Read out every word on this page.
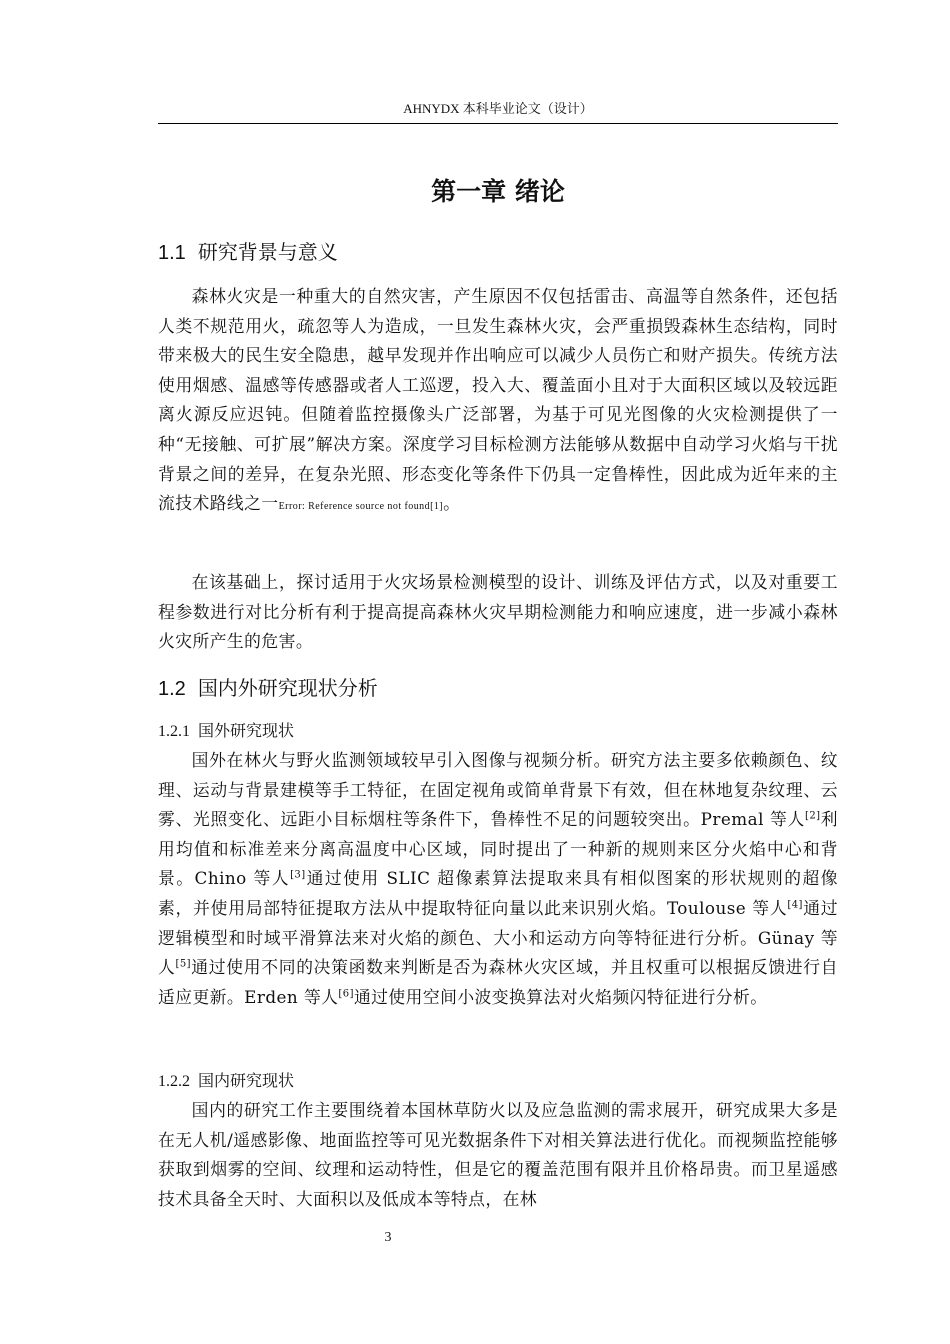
AHNYDX 本科毕业论文（设计）
第一章 绪论
1.1 研究背景与意义

森林火灾是一种重大的自然灾害，产生原因不仅包括雷击、高温等自然条件，还包括人类不规范用火，疏忽等人为造成，一旦发生森林火灾，会严重损毁森林生态结构，同时带来极大的民生安全隐患，越早发现并作出响应可以减少人员伤亡和财产损失。传统方法使用烟感、温感等传感器或者人工巡逻，投入大、覆盖面小且对于大面积区域以及较远距离火源反应迟钝。但随着监控摄像头广泛部署，为基于可见光图像的火灾检测提供了一种“无接触、可扩展”解决方案。深度学习目标检测方法能够从数据中自动学习火焰与干扰背景之间的差异，在复杂光照、形态变化等条件下仍具一定鲁棒性，因此成为近年来的主流技术路线之一Error: Reference source not found[1]。

在该基础上，探讨适用于火灾场景检测模型的设计、训练及评估方式，以及对重要工程参数进行对比分析有利于提高提高森林火灾早期检测能力和响应速度，进一步减小森林火灾所产生的危害。

1.2 国内外研究现状分析
1.2.1 国外研究现状

国外在林火与野火监测领域较早引入图像与视频分析。研究方法主要多依赖颜色、纹理、运动与背景建模等手工特征，在固定视角或简单背景下有效，但在林地复杂纹理、云雾、光照变化、远距小目标烟柱等条件下，鲁棒性不足的问题较突出。Premal 等人[2]利用均值和标准差来分离高温度中心区域，同时提出了一种新的规则来区分火焰中心和背景。Chino 等人[3]通过使用 SLIC 超像素算法提取来具有相似图案的形状规则的超像素，并使用局部特征提取方法从中提取特征向量以此来识别火焰。Toulouse 等人[4]通过逻辑模型和时域平滑算法来对火焰的颜色、大小和运动方向等特征进行分析。Günay 等人[5]通过使用不同的决策函数来判断是否为森林火灾区域，并且权重可以根据反馈进行自适应更新。Erden 等人[6]通过使用空间小波变换算法对火焰频闪特征进行分析。

1.2.2 国内研究现状

国内的研究工作主要围绕着本国林草防火以及应急监测的需求展开，研究成果大多是在无人机/遥感影像、地面监控等可见光数据条件下对相关算法进行优化。而视频监控能够获取到烟雾的空间、纹理和运动特性，但是它的覆盖范围有限并且价格昂贵。而卫星遥感技术具备全天时、大面积以及低成本等特点，在林

3
